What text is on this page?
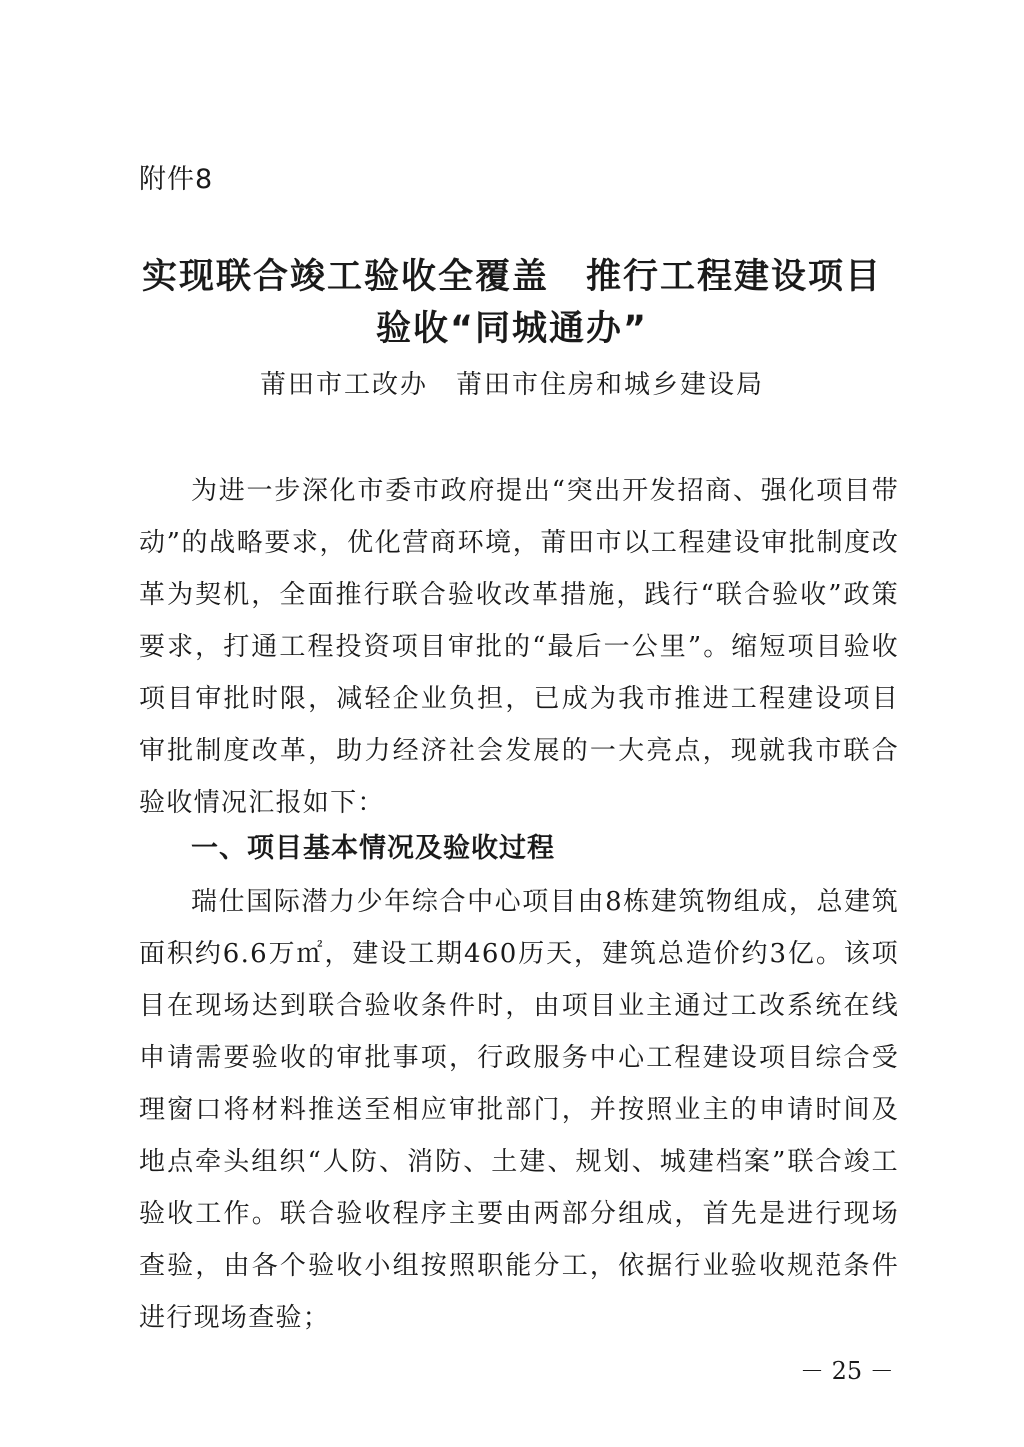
附件8
实现联合竣工验收全覆盖　推行工程建设项目
验收“同城通办”
莆田市工改办　莆田市住房和城乡建设局
为进一步深化市委市政府提出“突出开发招商、强化项目带动”的战略要求，优化营商环境，莆田市以工程建设审批制度改革为契机，全面推行联合验收改革措施，践行“联合验收”政策要求，打通工程投资项目审批的“最后一公里”。缩短项目验收项目审批时限，减轻企业负担，已成为我市推进工程建设项目审批制度改革，助力经济社会发展的一大亮点，现就我市联合验收情况汇报如下：
一、项目基本情况及验收过程
瑞仕国际潜力少年综合中心项目由8栋建筑物组成，总建筑面积约6.6万㎡，建设工期460历天，建筑总造价约3亿。该项目在现场达到联合验收条件时，由项目业主通过工改系统在线申请需要验收的审批事项，行政服务中心工程建设项目综合受理窗口将材料推送至相应审批部门，并按照业主的申请时间及地点牵头组织“人防、消防、土建、规划、城建档案”联合竣工验收工作。联合验收程序主要由两部分组成，首先是进行现场查验，由各个验收小组按照职能分工，依据行业验收规范条件进行现场查验；
－ 25 －
